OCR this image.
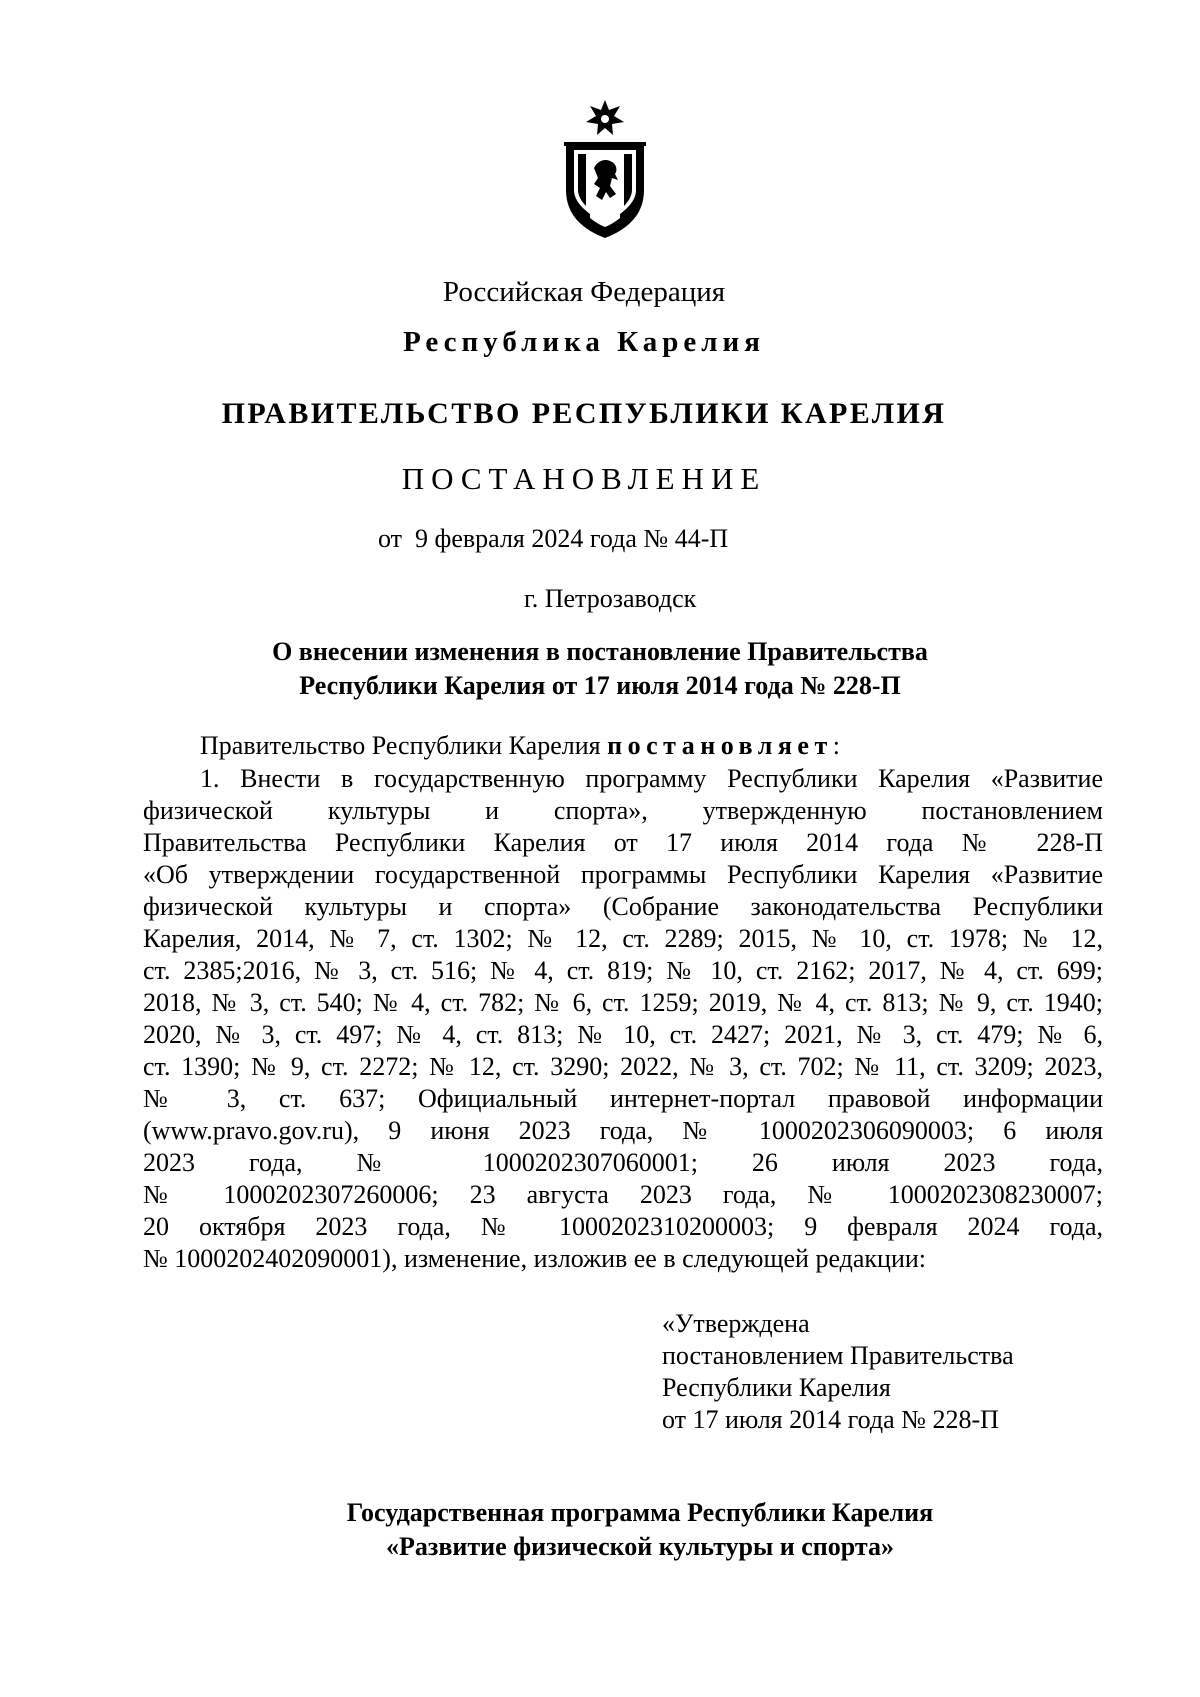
Российская Федерация
Республика Карелия
ПРАВИТЕЛЬСТВО РЕСПУБЛИКИ КАРЕЛИЯ
ПОСТАНОВЛЕНИЕ
от  9 февраля 2024 года № 44-П
г. Петрозаводск
О внесении изменения в постановление Правительства
Республики Карелия от 17 июля 2014 года № 228-П
Правительство Республики Карелия постановляет:
1. Внести в государственную программу Республики Карелия «Развитие
физической культуры и спорта», утвержденную постановлением
Правительства Республики Карелия от 17 июля 2014 года № 228-П
«Об утверждении государственной программы Республики Карелия «Развитие
физической культуры и спорта» (Собрание законодательства Республики
Карелия, 2014, № 7, ст. 1302; № 12, ст. 2289; 2015, № 10, ст. 1978; № 12,
ст. 2385;2016, № 3, ст. 516; № 4, ст. 819; № 10, ст. 2162; 2017, № 4, ст. 699;
2018, № 3, ст. 540; № 4, ст. 782; № 6, ст. 1259; 2019, № 4, ст. 813; № 9, ст. 1940;
2020, № 3, ст. 497; № 4, ст. 813; № 10, ст. 2427; 2021, № 3, ст. 479; № 6,
ст. 1390; № 9, ст. 2272; № 12, ст. 3290; 2022, № 3, ст. 702; № 11, ст. 3209; 2023,
№ 3, ст. 637; Официальный интернет-портал правовой информации
(www.pravo.gov.ru), 9 июня 2023 года, № 1000202306090003; 6 июля
2023 года, № 1000202307060001; 26 июля 2023 года,
№ 1000202307260006; 23 августа 2023 года, № 1000202308230007;
20 октября 2023 года, № 1000202310200003; 9 февраля 2024 года,
№ 1000202402090001), изменение, изложив ее в следующей редакции:
«Утверждена
постановлением Правительства
Республики Карелия
от 17 июля 2014 года № 228-П
Государственная программа Республики Карелия
«Развитие физической культуры и спорта»
